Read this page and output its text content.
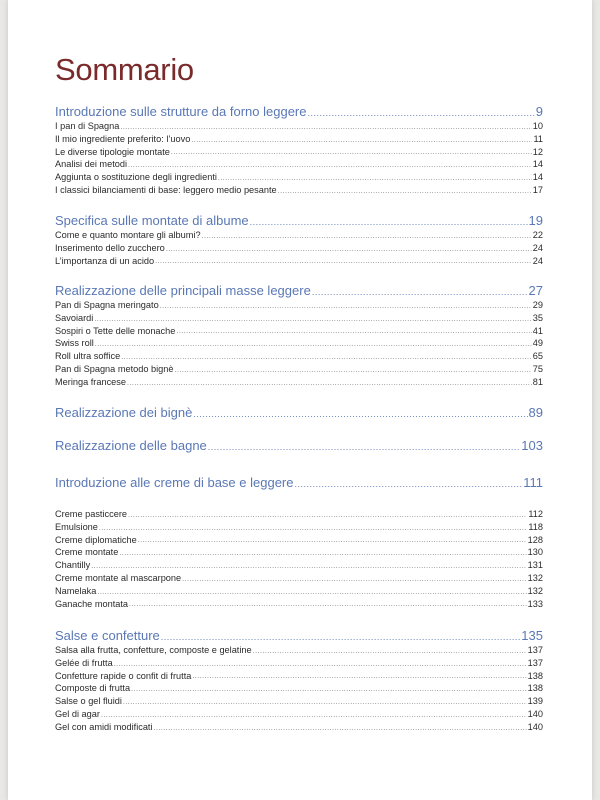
Sommario
Introduzione sulle strutture da forno leggere .....	9
I pan di Spagna .....	10
Il mio ingrediente preferito: l’uovo .....	11
Le diverse tipologie montate .....	12
Analisi dei metodi .....	14
Aggiunta o sostituzione degli ingredienti .....	14
I classici bilanciamenti di base: leggero medio pesante .....	17
Specifica sulle montate di albume .....	19
Come e quanto montare gli albumi? .....	22
Inserimento dello zucchero .....	24
L’importanza di un acido .....	24
Realizzazione delle principali masse leggere .....	27
Pan di Spagna meringato .....	29
Savoiardi .....	35
Sospiri o Tette delle monache .....	41
Swiss roll .....	49
Roll ultra soffice .....	65
Pan di Spagna metodo bignè .....	75
Meringa francese .....	81
Realizzazione dei bignè .....	89
Realizzazione delle bagne .....	103
Introduzione alle creme di base e leggere .....	111
Creme pasticcere .....	112
Emulsione .....	118
Creme diplomatiche .....	128
Creme montate .....	130
Chantilly .....	131
Creme montate al mascarpone .....	132
Namelaka .....	132
Ganache montata .....	133
Salse e confetture .....	135
Salsa alla frutta, confetture, composte e gelatine .....	137
Gelée di frutta .....	137
Confetture rapide o confit di frutta .....	138
Composte di frutta .....	138
Salse o gel fluidi .....	139
Gel di agar .....	140
Gel con amidi modificati .....	140
